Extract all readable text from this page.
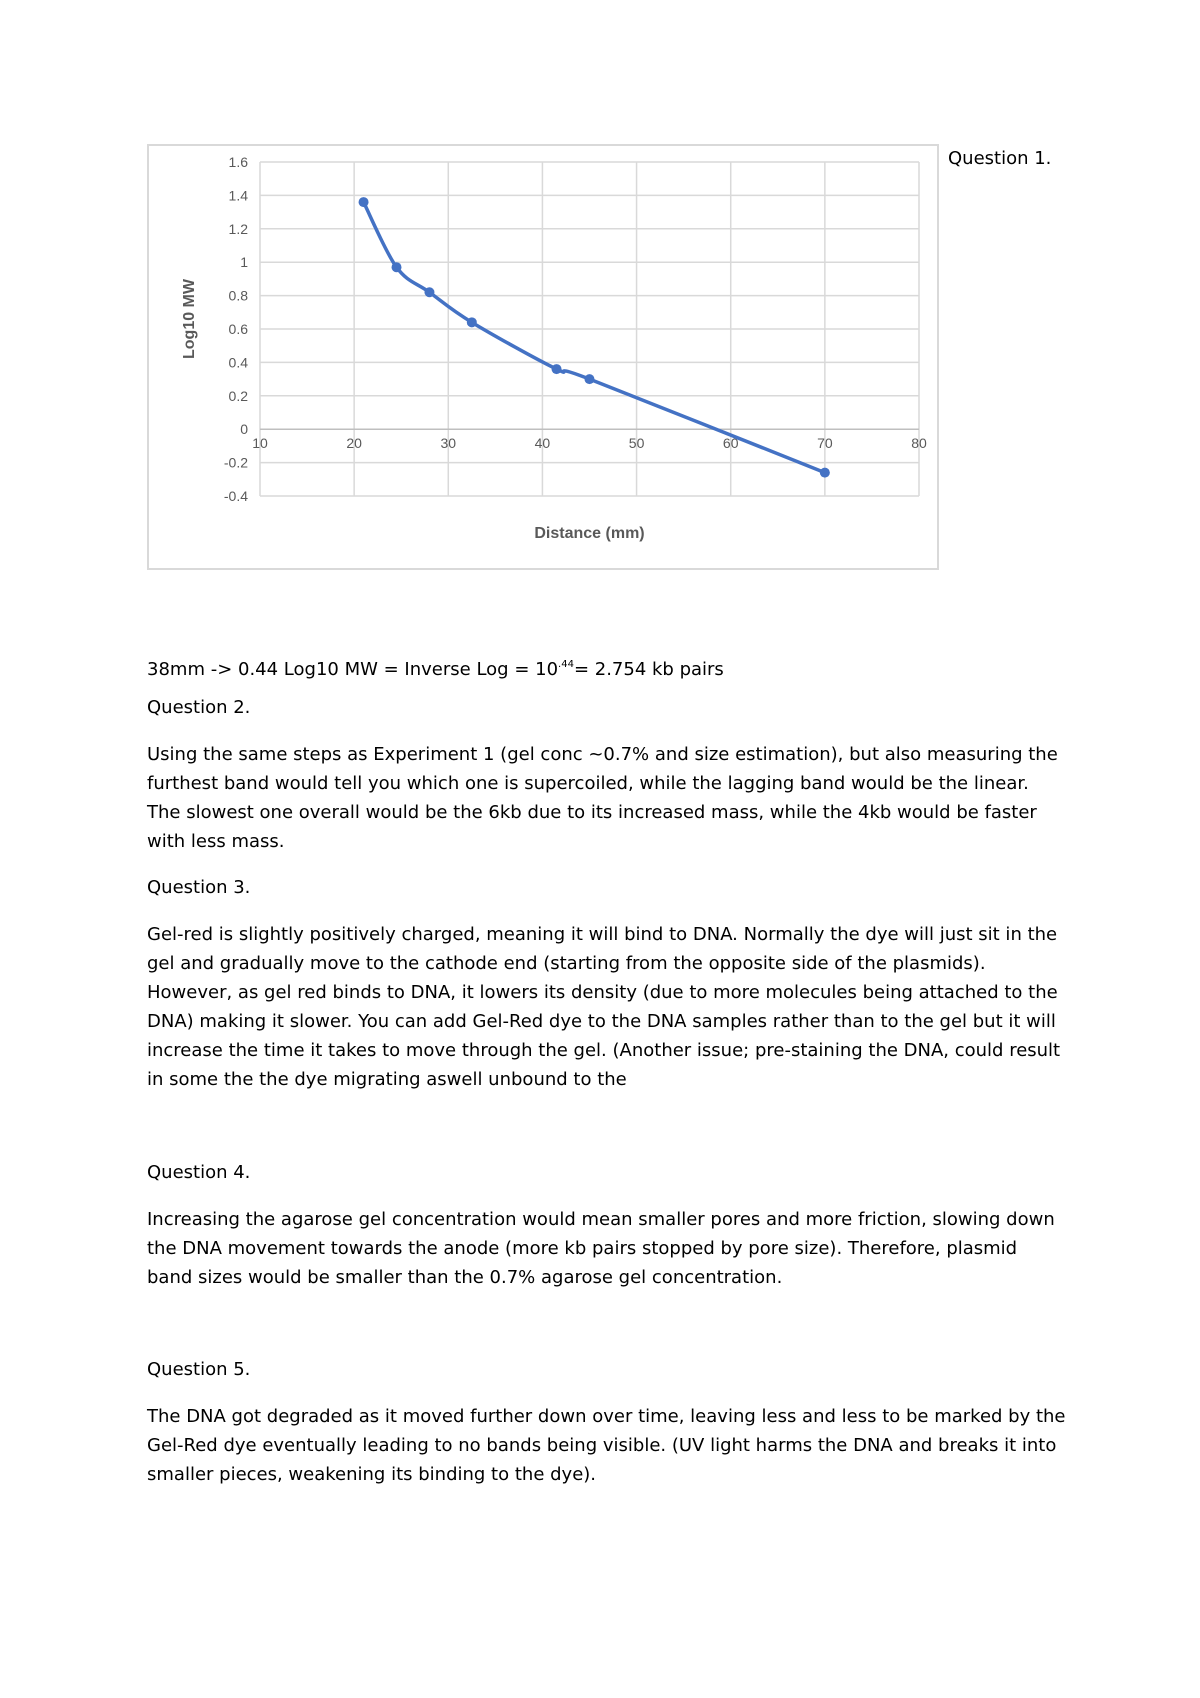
1.6
1.4
1.2
1
0.8
0.6
0.4
0.2
0
-0.2
-0.4
10	20	30	40	50	60	70	80
Distance (mm)
Log10 MW
Question 1.

38mm -> 0.44 Log10 MW = Inverse Log = $10^{.44}= 2.754$ kb pairs

Question 2.

Using the same steps as Experiment 1 (gel conc ~0.7% and size estimation), but also measuring the furthest band would tell you which one is supercoiled, while the lagging band would be the linear. The slowest one overall would be the 6kb due to its increased mass, while the 4kb would be faster with less mass.

Question 3.

Gel-red is slightly positively charged, meaning it will bind to DNA. Normally the dye will just sit in the gel and gradually move to the cathode end (starting from the opposite side of the plasmids). However, as gel red binds to DNA, it lowers its density (due to more molecules being attached to the DNA) making it slower. You can add Gel-Red dye to the DNA samples rather than to the gel but it will increase the time it takes to move through the gel. (Another issue; pre-staining the DNA, could result in some the the dye migrating aswell unbound to the

Question 4.

Increasing the agarose gel concentration would mean smaller pores and more friction, slowing down the DNA movement towards the anode (more kb pairs stopped by pore size). Therefore, plasmid band sizes would be smaller than the 0.7% agarose gel concentration.

Question 5.

The DNA got degraded as it moved further down over time, leaving less and less to be marked by the Gel-Red dye eventually leading to no bands being visible. (UV light harms the DNA and breaks it into smaller pieces, weakening its binding to the dye).
